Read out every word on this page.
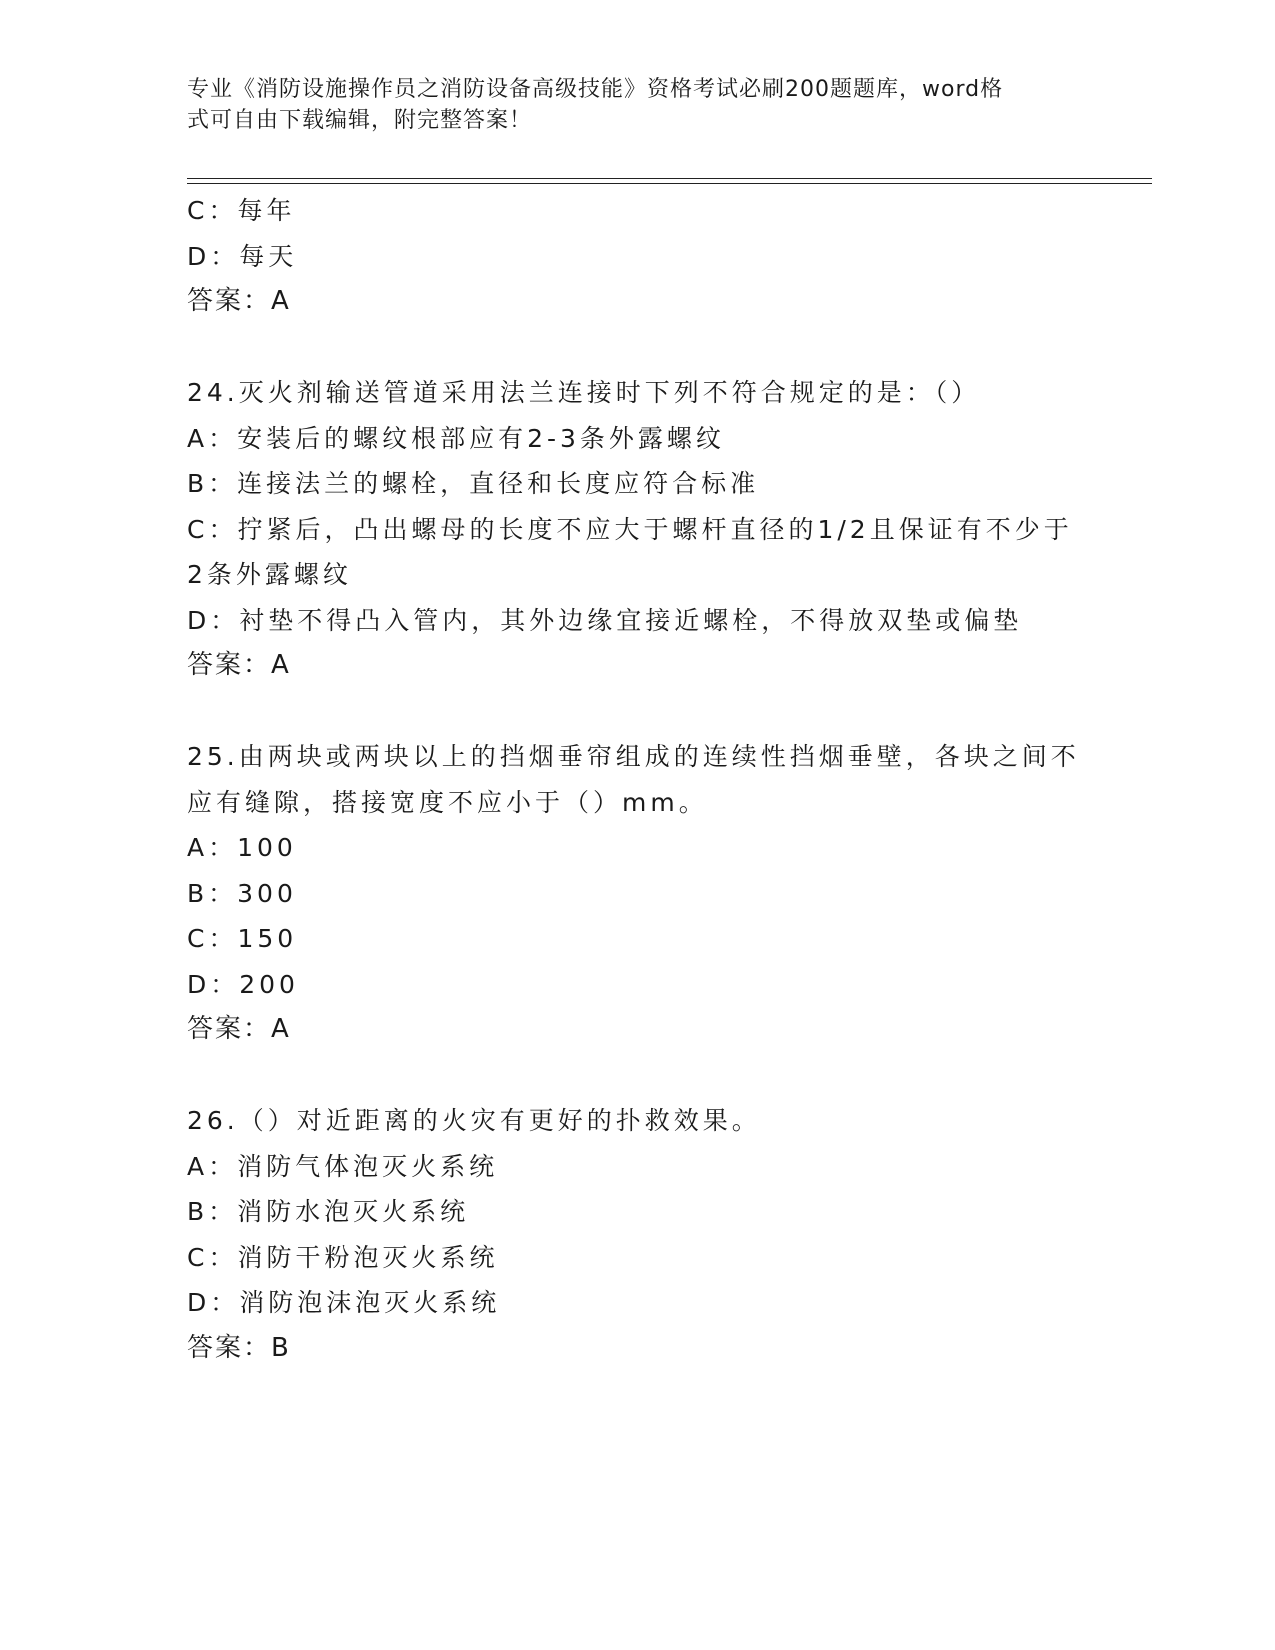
专业《消防设施操作员之消防设备高级技能》资格考试必刷200题题库，word格
式可自由下载编辑，附完整答案！
C：每年
D：每天
答案：A
24.灭火剂输送管道采用法兰连接时下列不符合规定的是：（）
A：安装后的螺纹根部应有2-3条外露螺纹
B：连接法兰的螺栓，直径和长度应符合标准
C：拧紧后，凸出螺母的长度不应大于螺杆直径的1/2且保证有不少于
2条外露螺纹
D：衬垫不得凸入管内，其外边缘宜接近螺栓，不得放双垫或偏垫
答案：A
25.由两块或两块以上的挡烟垂帘组成的连续性挡烟垂壁，各块之间不
应有缝隙，搭接宽度不应小于（）mm。
A：100
B：300
C：150
D：200
答案：A
26.（）对近距离的火灾有更好的扑救效果。
A：消防气体泡灭火系统
B：消防水泡灭火系统
C：消防干粉泡灭火系统
D：消防泡沫泡灭火系统
答案：B
